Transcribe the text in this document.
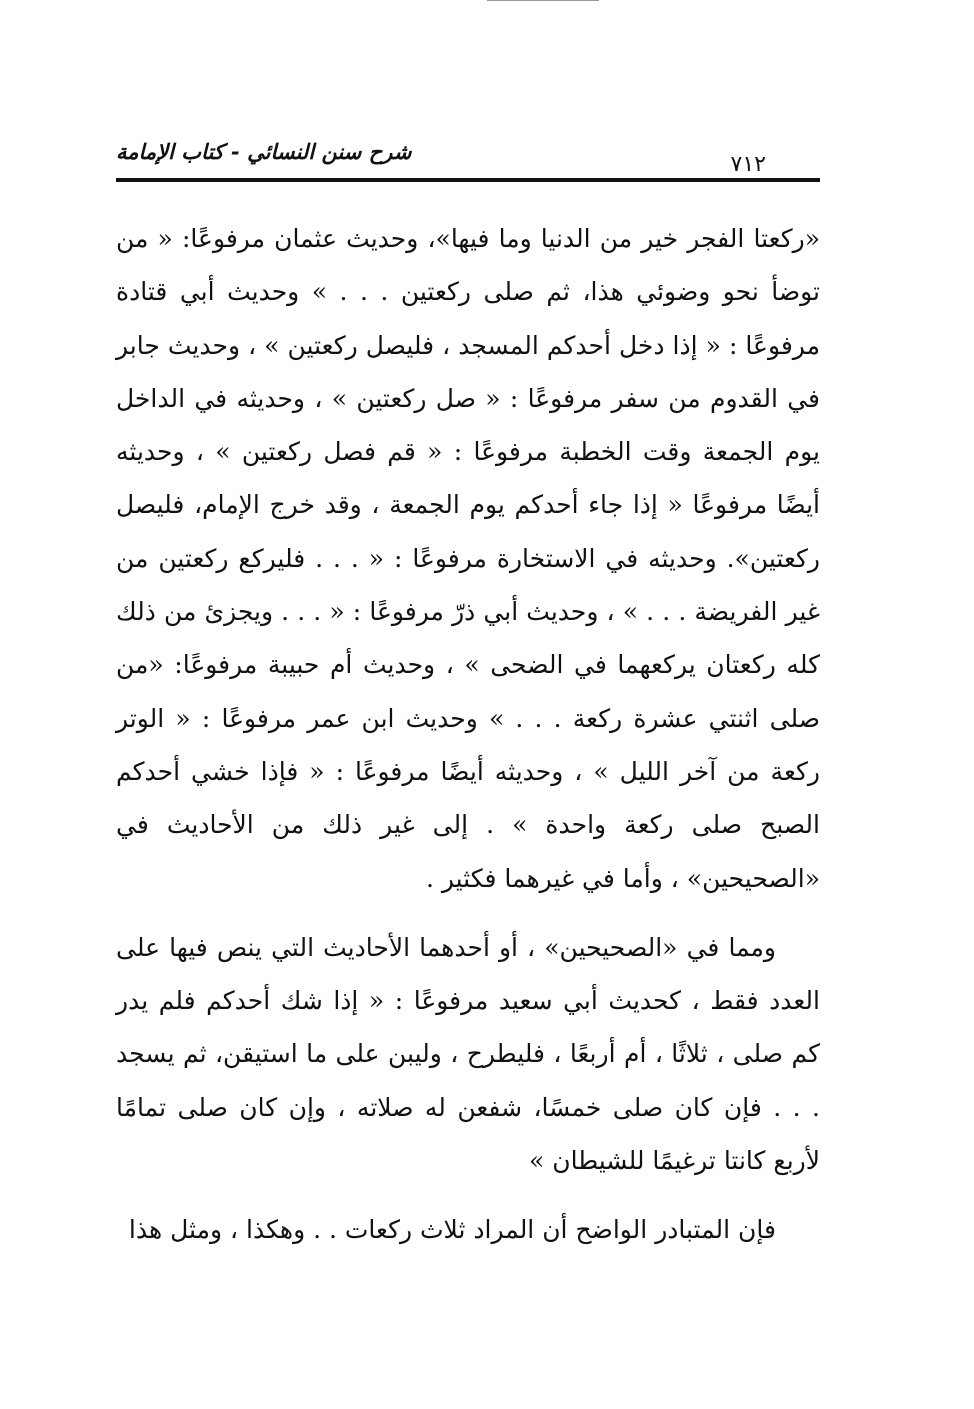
شرح سنن النسائي - كتاب الإمامة	٧١٢

«ركعتا الفجر خير من الدنيا وما فيها»، وحديث عثمان مرفوعًا: « من توضأ نحو وضوئي هذا، ثم صلى ركعتين . . . » وحديث أبي قتادة مرفوعًا : « إذا دخل أحدكم المسجد ، فليصل ركعتين » ، وحديث جابر في القدوم من سفر مرفوعًا : « صل ركعتين » ، وحديثه في الداخل يوم الجمعة وقت الخطبة مرفوعًا : « قم فصل ركعتين » ، وحديثه أيضًا مرفوعًا « إذا جاء أحدكم يوم الجمعة ، وقد خرج الإمام، فليصل ركعتين». وحديثه في الاستخارة مرفوعًا : « . . . فليركع ركعتين من غير الفريضة . . . » ، وحديث أبي ذرّ مرفوعًا : « . . . ويجزئ من ذلك كله ركعتان يركعهما في الضحى » ، وحديث أم حبيبة مرفوعًا: «من صلى اثنتي عشرة ركعة . . . » وحديث ابن عمر مرفوعًا : « الوتر ركعة من آخر الليل » ، وحديثه أيضًا مرفوعًا : « فإذا خشي أحدكم الصبح صلى ركعة واحدة » . إلى غير ذلك من الأحاديث في «الصحيحين» ، وأما في غيرهما فكثير .

ومما في «الصحيحين» ، أو أحدهما الأحاديث التي ينص فيها على العدد فقط ، كحديث أبي سعيد مرفوعًا : « إذا شك أحدكم فلم يدر كم صلى ، ثلاثًا ، أم أربعًا ، فليطرح ، وليبن على ما استيقن، ثم يسجد . . . فإن كان صلى خمسًا، شفعن له صلاته ، وإن كان صلى تمامًا لأربع كانتا ترغيمًا للشيطان »

فإن المتبادر الواضح أن المراد ثلاث ركعات . . وهكذا ، ومثل هذا
